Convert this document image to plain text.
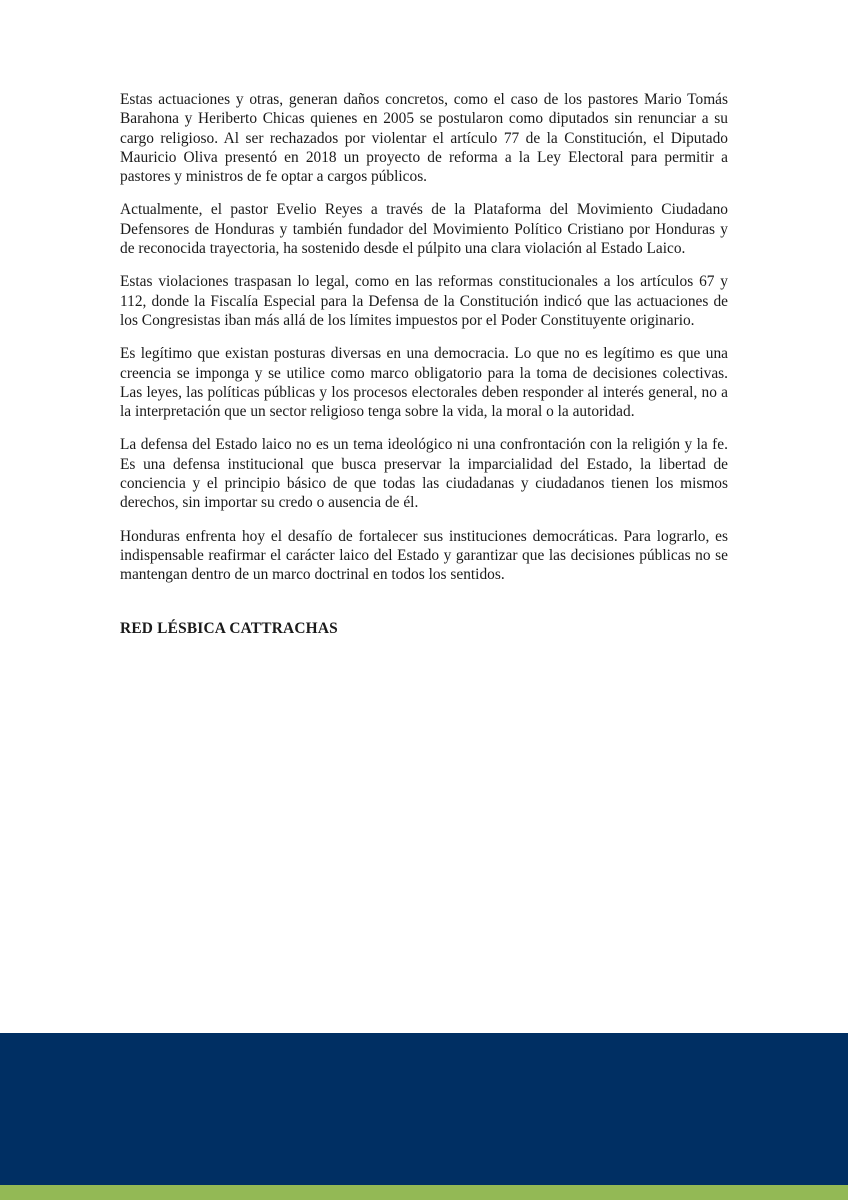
Estas actuaciones y otras, generan daños concretos, como el caso de los pastores Mario Tomás Barahona y Heriberto Chicas quienes en 2005 se postularon como diputados sin renunciar a su cargo religioso. Al ser rechazados por violentar el artículo 77 de la Constitución, el Diputado Mauricio Oliva presentó en 2018 un proyecto de reforma a la Ley Electoral para permitir a pastores y ministros de fe optar a cargos públicos.

Actualmente, el pastor Evelio Reyes a través de la Plataforma del Movimiento Ciudadano Defensores de Honduras y también fundador del Movimiento Político Cristiano por Honduras y de reconocida trayectoria, ha sostenido desde el púlpito una clara violación al Estado Laico.

Estas violaciones traspasan lo legal, como en las reformas constitucionales a los artículos 67 y 112, donde la Fiscalía Especial para la Defensa de la Constitución indicó que las actuaciones de los Congresistas iban más allá de los límites impuestos por el Poder Constituyente originario.

Es legítimo que existan posturas diversas en una democracia. Lo que no es legítimo es que una creencia se imponga y se utilice como marco obligatorio para la toma de decisiones colectivas. Las leyes, las políticas públicas y los procesos electorales deben responder al interés general, no a la interpretación que un sector religioso tenga sobre la vida, la moral o la autoridad.

La defensa del Estado laico no es un tema ideológico ni una confrontación con la religión y la fe. Es una defensa institucional que busca preservar la imparcialidad del Estado, la libertad de conciencia y el principio básico de que todas las ciudadanas y ciudadanos tienen los mismos derechos, sin importar su credo o ausencia de él.

Honduras enfrenta hoy el desafío de fortalecer sus instituciones democráticas. Para lograrlo, es indispensable reafirmar el carácter laico del Estado y garantizar que las decisiones públicas no se mantengan dentro de un marco doctrinal en todos los sentidos.

RED LÉSBICA CATTRACHAS
